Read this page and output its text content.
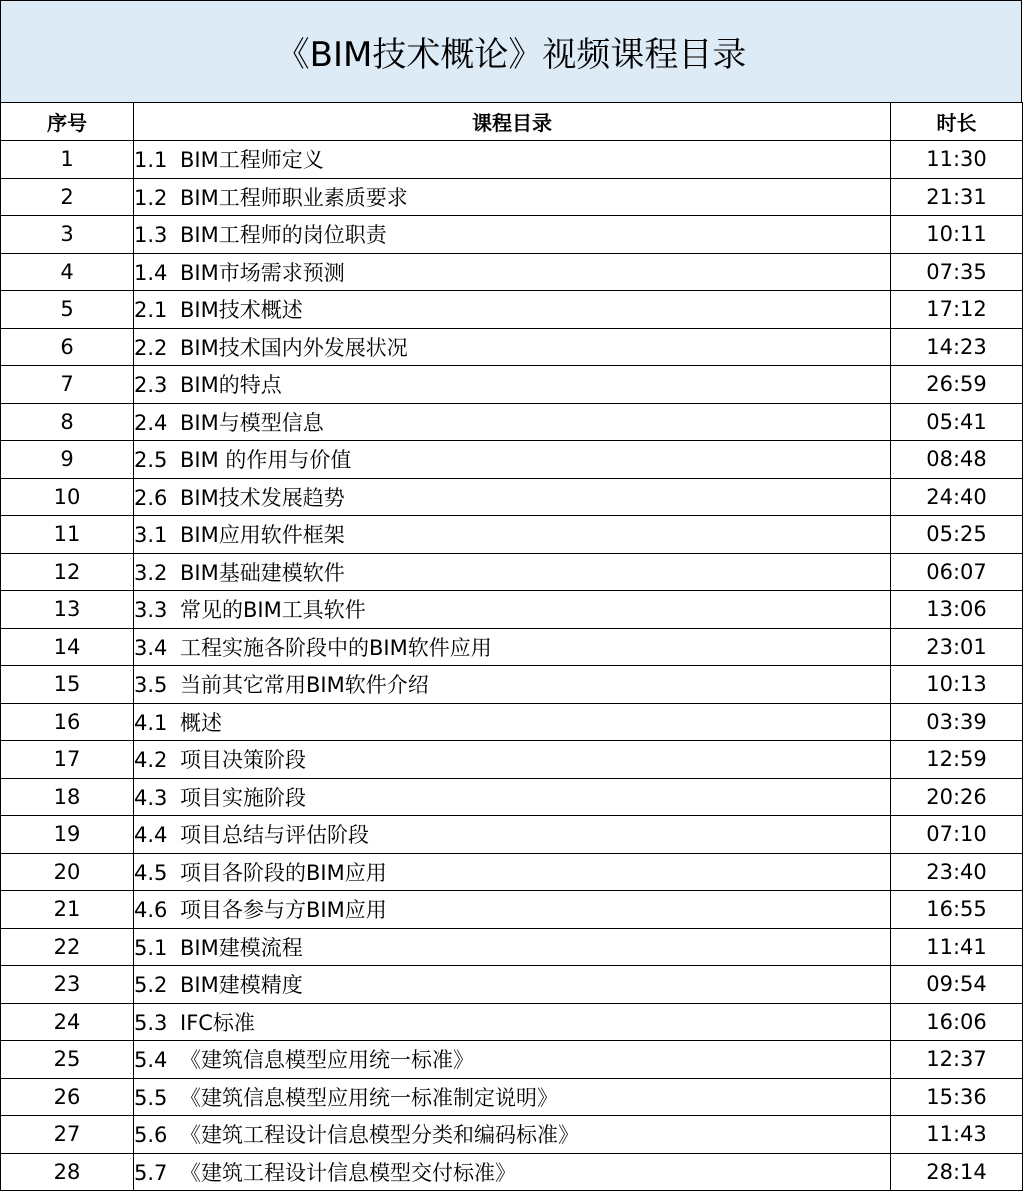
《BIM技术概论》视频课程目录
序号	课程目录	时长
1	1.1 BIM工程师定义	11:30
2	1.2 BIM工程师职业素质要求	21:31
3	1.3 BIM工程师的岗位职责	10:11
4	1.4 BIM市场需求预测	07:35
5	2.1 BIM技术概述	17:12
6	2.2 BIM技术国内外发展状况	14:23
7	2.3 BIM的特点	26:59
8	2.4 BIM与模型信息	05:41
9	2.5 BIM 的作用与价值	08:48
10	2.6 BIM技术发展趋势	24:40
11	3.1 BIM应用软件框架	05:25
12	3.2 BIM基础建模软件	06:07
13	3.3 常见的BIM工具软件	13:06
14	3.4 工程实施各阶段中的BIM软件应用	23:01
15	3.5 当前其它常用BIM软件介绍	10:13
16	4.1 概述	03:39
17	4.2 项目决策阶段	12:59
18	4.3 项目实施阶段	20:26
19	4.4 项目总结与评估阶段	07:10
20	4.5 项目各阶段的BIM应用	23:40
21	4.6 项目各参与方BIM应用	16:55
22	5.1 BIM建模流程	11:41
23	5.2 BIM建模精度	09:54
24	5.3 IFC标准	16:06
25	5.4 《建筑信息模型应用统一标准》	12:37
26	5.5 《建筑信息模型应用统一标准制定说明》	15:36
27	5.6 《建筑工程设计信息模型分类和编码标准》	11:43
28	5.7 《建筑工程设计信息模型交付标准》	28:14
